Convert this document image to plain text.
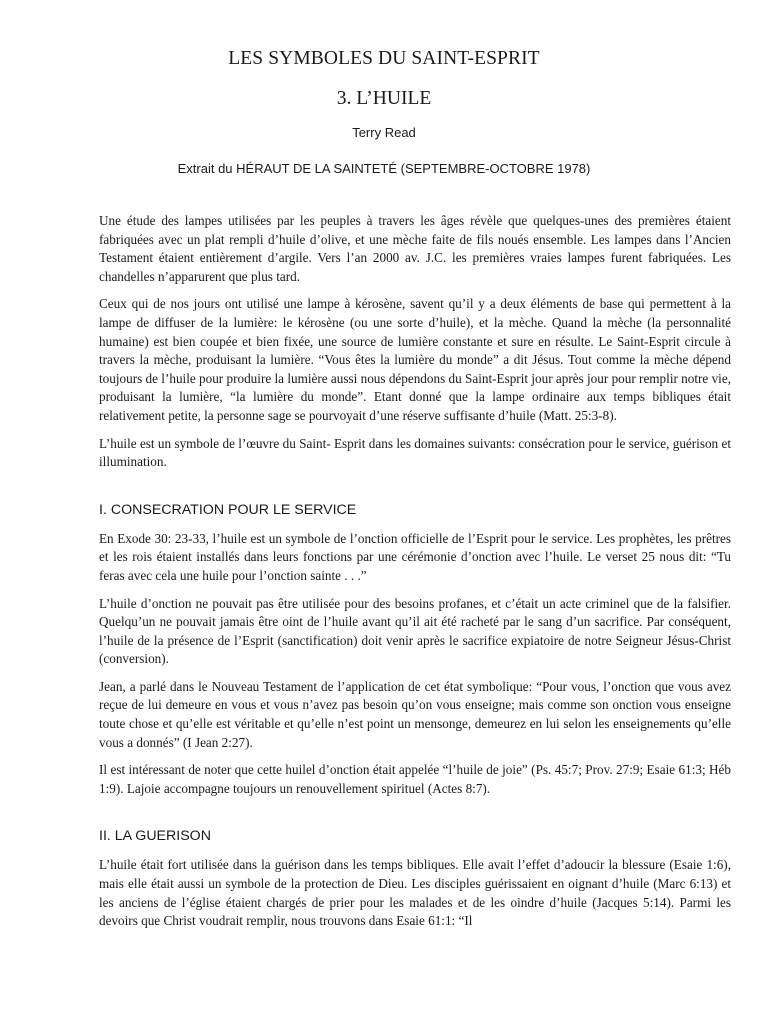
LES SYMBOLES DU SAINT-ESPRIT
3. L’HUILE
Terry Read
Extrait du HÉRAUT DE LA SAINTETÉ (SEPTEMBRE-OCTOBRE 1978)

Une étude des lampes utilisées par les peuples à travers les âges révèle que quelques-unes des premières étaient fabriquées avec un plat rempli d’huile d’olive, et une mèche faite de fils noués ensemble. Les lampes dans l’Ancien Testament étaient entièrement d’argile. Vers l’an 2000 av. J.C. les premières vraies lampes furent fabriquées. Les chandelles n’apparurent que plus tard.

Ceux qui de nos jours ont utilisé une lampe à kérosène, savent qu’il y a deux éléments de base qui permettent à la lampe de diffuser de la lumière: le kérosène (ou une sorte d’huile), et la mèche. Quand la mèche (la personnalité humaine) est bien coupée et bien fixée, une source de lumière constante et sure en résulte. Le Saint-Esprit circule à travers la mèche, produisant la lumière. “Vous êtes la lumière du monde” a dit Jésus. Tout comme la mèche dépend toujours de l’huile pour produire la lumière aussi nous dépendons du Saint-Esprit jour après jour pour remplir notre vie, produisant la lumière, “la lumière du monde”. Etant donné que la lampe ordinaire aux temps bibliques était relativement petite, la personne sage se pourvoyait d’une réserve suffisante d’huile (Matt. 25:3-8).

L’huile est un symbole de l’œuvre du Saint- Esprit dans les domaines suivants: consécration pour le service, guérison et illumination.

I. CONSECRATION POUR LE SERVICE

En Exode 30: 23-33, l’huile est un symbole de l’onction officielle de l’Esprit pour le service. Les prophètes, les prêtres et les rois étaient installés dans leurs fonctions par une cérémonie d’onction avec l’huile. Le verset 25 nous dit: “Tu feras avec cela une huile pour l’onction sainte . . .”

L’huile d’onction ne pouvait pas être utilisée pour des besoins profanes, et c’était un acte criminel que de la falsifier. Quelqu’un ne pouvait jamais être oint de l’huile avant qu’il ait été racheté par le sang d’un sacrifice. Par conséquent, l’huile de la présence de l’Esprit (sanctification) doit venir après le sacrifice expiatoire de notre Seigneur Jésus-Christ (conversion).

Jean, a parlé dans le Nouveau Testament de l’application de cet état symbolique: “Pour vous, l’onction que vous avez reçue de lui demeure en vous et vous n’avez pas besoin qu’on vous enseigne; mais comme son onction vous enseigne toute chose et qu’elle est véritable et qu’elle n’est point un mensonge, demeurez en lui selon les enseignements qu’elle vous a donnés” (I Jean 2:27).

Il est intéressant de noter que cette huilel d’onction était appelée “l’huile de joie” (Ps. 45:7; Prov. 27:9; Esaie 61:3; Héb 1:9). Lajoie accompagne toujours un renouvellement spirituel (Actes 8:7).

II. LA GUERISON

L’huile était fort utilisée dans la guérison dans les temps bibliques. Elle avait l’effet d’adoucir la blessure (Esaie 1:6), mais elle était aussi un symbole de la protection de Dieu. Les disciples guérissaient en oignant d’huile (Marc 6:13) et les anciens de l’église étaient chargés de prier pour les malades et de les oindre d’huile (Jacques 5:14). Parmi les devoirs que Christ voudrait remplir, nous trouvons dans Esaie 61:1: “Il
